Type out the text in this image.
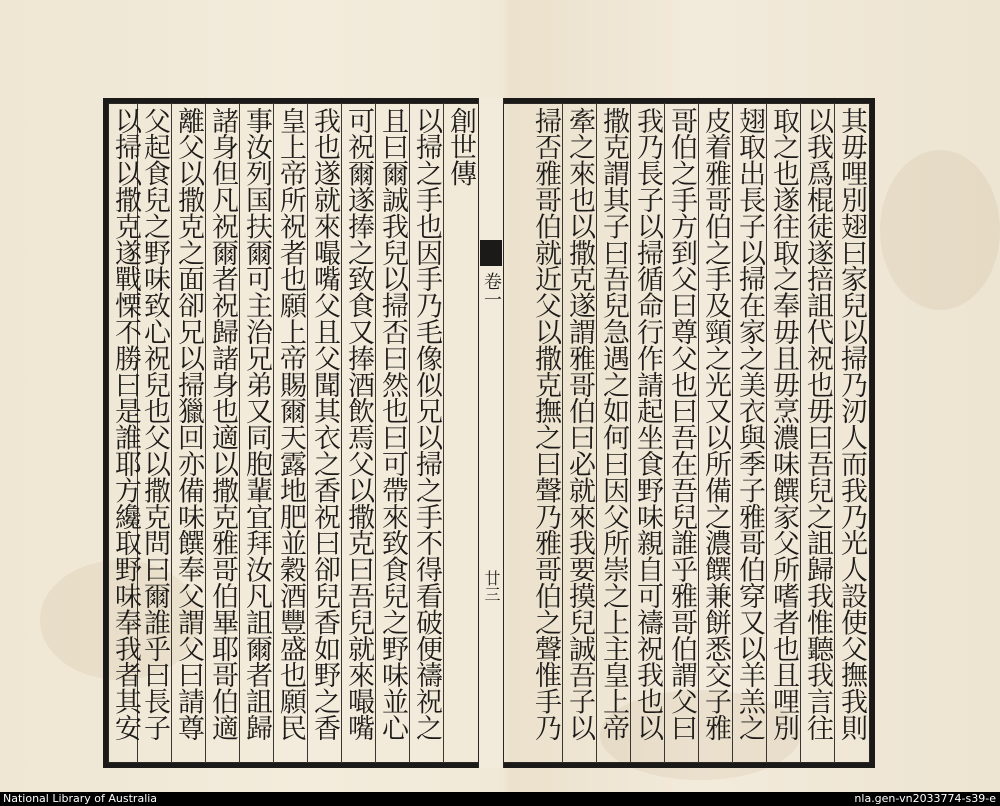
其毋哩別翅曰家兒以掃乃㲽人而我乃光人設使父撫我則
以我爲棍徒遂掊詛代祝也毋曰吾兒之詛歸我惟聽我言往
取之也遂往取之奉毋且毋烹濃味饌家父所嗜者也且哩別
翅取出長子以掃在家之美衣與季子雅哥伯穿又以羊羔之
皮着雅哥伯之手及頸之光又以所備之濃饌兼餅悉交子雅
哥伯之手方到父曰尊父也曰吾在吾兒誰乎雅哥伯謂父曰
我乃長子以掃循命行作請起坐食野味親自可禱祝我也以
撒克謂其子曰吾兒急遇之如何曰因父所崇之上主皇上帝
牽之來也以撒克遂謂雅哥伯曰必就來我要摸兒誠吾子以
掃否雅哥伯就近父以撒克撫之曰聲乃雅哥伯之聲惟手乃
卷一
廿三
創世傳
以掃之手也因手乃毛像似兄以掃之手不得看破便禱祝之
且曰爾誠我兒以掃否曰然也曰可帶來致食兒之野味並心
可祝爾遂捧之致食又捧酒飲焉父以撒克曰吾兒就來嘬嘴
我也遂就來嘬嘴父且父聞其衣之香祝曰卻兒香如野之香
皇上帝所祝者也願上帝賜爾天露地肥並穀酒豐盛也願民
事汝列国扶爾可主治兄弟又同胞輩宜拜汝凡詛爾者詛歸
諸身但凡祝爾者祝歸諸身也適以撒克雅哥伯畢耶哥伯適
離父以撒克之面卻兄以掃獵回亦備味饌奉父謂父曰請尊
父起食兒之野味致心祝兒也父以撒克問曰爾誰乎曰長子
以掃以撒克遂戰慄不勝曰是誰耶方纔取野味奉我者其安
National Library of Australia	nla.gen-vn2033774-s39-e
